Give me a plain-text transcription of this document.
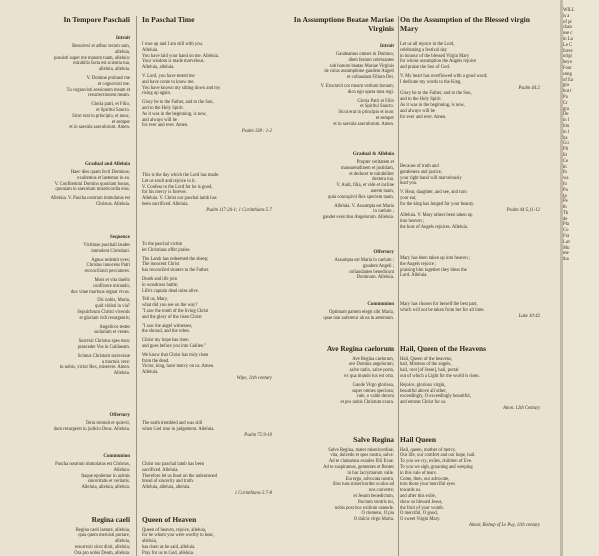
In Tempore Paschali
Introit
Resurrexi et adhuc tecum sum,
alleluia,
posuisti super me manum tuam, alleluia:
mirabilis facta est scientia tua,
alleluia, alleluia.
V. Domine probasti me
et cognovisti me.
Tu cognovisti sessionem meam et
resurrectionem meam.
Gloria patri, et Filio,
et Spiritui Sancto.
Sicut erat in principio, et nunc,
et semper
et in saecula saeculorum. Amen.
Gradual and Alleluia
Haec dies quam fecit Dominus:
exultemus et laetemur in ea.
V. Confitemini Domino quoniam bonus,
quoniam in saeculum misericordia eius.
Alleluia. V. Pascha nostrum immolatus est
Christus. Alleluia.
Sequence
Victimae paschali laudes
immolent Christiani.
Agnus redemit oves;
Christus innocens Patri
reconciliavit peccatores.
Mors et vita duello
conflixere mirando;
dux vitae mortuus regnat vivus.
Dic nobis, Maria,
quid vidisti in via?
Sepulchrum Christi viventis
et gloriam vidi resurgentis;
Angelicos testes
sudarium et vestes.
Surrexit Christus spes mea:
praecedet Vos in Galilaeam.
Scimus Christum surrexisse
a mortuis vere:
tu nobis, victor Rex, miserere. Amen.
Alleluia.
Offertory
Terra tremuit et quievit,
dum resurgeret in judicio Deus. Alleluia.
Communion
Pascha nostrum immolatus est Christus,
Alleluia:
Itaque epulemur in azimis
sinceritatis et veritatis.
Alleluia, alleluia, alleluia.
Regina caeli
Regina caeli laetare, alleluia,
quia quem meruisti portare,
alleluia,
resurrexit sicut dixit, alleluia;
Ora pro nobis Deum, alleluia.
In Paschal Time
I rose up and I am still with you.
Alleluia.
You have laid your hand on me. Alleluia.
Your wisdom is made marvelous.
Alleluia, alleluia.
V. Lord, you have tested me
and have come to know me.
You have known my sitting down and my
rising up again.
Glory be to the Father, and to the Son,
and to the Holy Spirit.
As it was in the beginning, is now,
and always will be
for ever and ever. Amen.
Psalm 138 : 1-2
This is the day which the Lord has made.
Let us exult and rejoice in it.
V. Confess to the Lord for he is good,
for his mercy is forever.
Alleluia. V. Christ our paschal lamb has
been sacrificed. Alleluia.
Psalm 117:24-1; 1 Corinthians 5:7
To the paschal victim
let Christians offer praise.
The Lamb has redeemed the sheep;
The innocent Christ
has reconciled sinners to the Father.
Death and life join
in wondrous battle;
Life's captain dead rules alive.
Tell us, Mary,
what did you see on the way?
"I saw the tomb of the living Christ
and the glory of the risen Christ
"I saw the angel witnesses,
the shroud, and the robes.
Christ my hope has risen
and goes before you into Galilee."
We know that Christ has truly risen
from the dead.
Victor, king, have mercy on us. Amen.
Alleluia.
Wipo, 11th century
The earth trembled and was still
when God rose in judgement. Alleluia.
Psalm 75:9-10
Christ our paschal lamb has been
sacrificed. Alleluia.
Therefore let us feast on the unleavened
bread of sincerity and truth.
Alleluia, alleluia, alleluia.
1 Corinthians 5:7-8
Queen of Heaven
Queen of heaven, rejoice, alleluia,
for he whom you were worthy to bear,
alleluia,
has risen as he said, alleluia.
Pray for us to God, alleluia.
In Assumptione Beatae Mariae Virginis
Introit
Gaudeamus omnes in Domino,
diem festum celebrantes
sub honore beatae Mariae Virginis
de cuius assumptione gaudent Angeli
et collaudant Filium Dei.
V. Eructavit cor meum verbum bonum;
dico ego opera mea regi.
Gloria Patri et Filio
et Spiritui Sancto.
Sicut erat in principio et nunc
et semper
et in saecula saeculorum. Amen.
Gradual & Alleluia
Propter veritatem et
mansuetudinem et justitiam,
et deducet te mirabiliter
dextera tua.
V. Audi, filia, et vide et incline
aurem tuam,
quia concupivit Rex speciem tuam.
Alleluia. V. Assumpta est Maria
in caelum ;
gaudet exercitus Angelorum. Alleluia.
Offertory
Assumpta est Maria in caelum ;
gaudent Angeli ;
collaudantes benedicunt
Dominum. Alleluia.
Communion
Optimam partem elegit sibi Maria,
quae non auferetur ab ea in aeternum.
Ave Regina caelorum
Ave Regina caelorum,
ave Domina angelorum;
salve radix, salve porta,
ex qua mundo lux est orta.
Gaude Virgo gloriosa,
super omnes speciosa;
vale, o valde decora
et pro nobis Christum exora.
Salve Regina
Salve Regina, mater misericordiae,
vita, dulcedo et spes nostra, salve.
Ad te clamamus exsules filii Evae.
Ad te suspiramus, gementes et flentes
in hac lacrymarum valle.
Eia ergo, advocata nostra,
illos tuos misericordes oculos ad
nos converte;
et Jesum benedictum,
fructum ventris tui,
nobis post hoc exilium ostende.
O clemens, O pia
O dulcis virgo Maria.
On the Assumption of the Blessed virgin Mary
Let us all rejoice in the Lord,
celebrating a festival day
in honour of the blessed Virgin Mary
for whose assumption the Angels rejoice
and praise the Son of God.
V. My heart has overflowed with a good word;
I dedicate my words to the King.
Psalm 44:2
Glory be to the Father, and to the Son,
and to the Holy Spirit.
As it was in the beginning, is now,
and always will be
for ever and ever. Amen.
Because of truth and
gentleness and justice,
your right hand will marvelously
lead you.
V. Hear, daughter, and see, and turn
your ear,
for the king has longed for your beauty.
Psalm 44:5,11-12
Alleluia. V. Mary others been taken up
into heaven ;
the host of Angels rejoices. Alleluia.
Mary has been taken up into heaven ;
the Angels rejoice ;
praising him together they bless the
Lord. Alleluia.
Mary has chosen for herself the best part,
which will not be taken from her for all time.
Luke 10:42
Hail, Queen of the Heavens
Hail, Queen of the heavens,
hail, Mistress of the angels,
hail, root [of Jesse], hail, portal
out of which a Light for the world is risen.
Rejoice, glorious virgin,
beautiful above all other,
exceedingly, O exceedingly beautiful,
and entreat Christ for us.
Anon. 12th Century
Hail Queen
Hail, queen, mother of mercy.
Our life, our comfort and our hope, hail.
To you we cry, exiles, children of Eve.
To you we sigh, groaning and weeping
in this vale of tears.
Come, then, our advocate,
turn those your merciful eyes
towards us.
and after this exile,
show us blessed Jesus,
the fruit of your womb.
O merciful, O good,
O sweet Virgin Mary.
Aimar, Bishop of Le Puy, 11th century
WILL
is a
of pr
chan
use c
in La
Le C
forev
origi
beyo
Four
sung
of Ea
gra
but t
Pa
Cr
gra
De
in l
litu
in l
ha
Gu
Pli
lit
Ce
hi
fo
wa
fo
Pa
(p
Pe
th
Th
de
Pla
Co
Fra
Lav
Mu
me
tha
